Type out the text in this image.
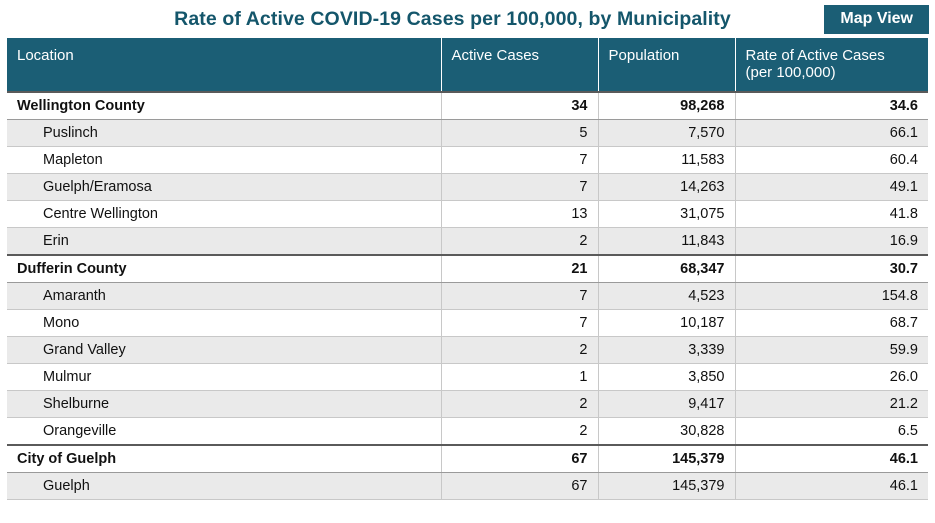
Rate of Active COVID-19 Cases per 100,000, by Municipality	Map View
Location	Active Cases	Population	Rate of Active Cases
(per 100,000)

Wellington County	34	98,268	34.6
Puslinch	5	7,570	66.1
Mapleton	7	11,583	60.4
Guelph/Eramosa	7	14,263	49.1
Centre Wellington	13	31,075	41.8
Erin	2	11,843	16.9
Dufferin County	21	68,347	30.7
Amaranth	7	4,523	154.8
Mono	7	10,187	68.7
Grand Valley	2	3,339	59.9
Mulmur	1	3,850	26.0
Shelburne	2	9,417	21.2
Orangeville	2	30,828	6.5
City of Guelph	67	145,379	46.1
Guelph	67	145,379	46.1
